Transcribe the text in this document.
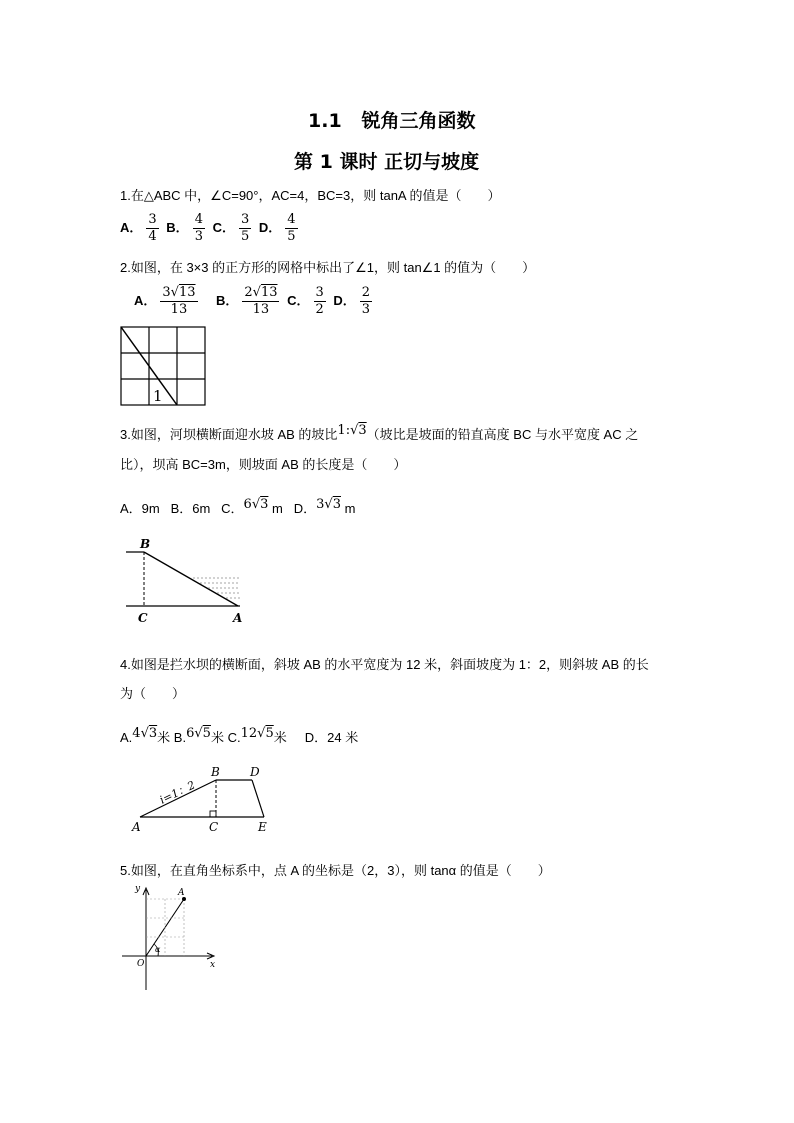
1.1 锐角三角函数
第 1 课时 正切与坡度
1.在△ABC 中，∠C=90°，AC=4，BC=3，则 tanA 的值是（　　）
A． $\frac{3}{4}$ B． $\frac{4}{3}$ C． $\frac{3}{5}$ D． $\frac{4}{5}$
2.如图，在 3×3 的正方形的网格中标出了∠1，则 tan∠1 的值为（　　）
A． $\frac{3√13}{13}$ B． $\frac{2√13}{13}$ C． $\frac{3}{2}$ D． $\frac{2}{3}$
1
3.如图，河坝横断面迎水坡 AB 的坡比1:√3（坡比是坡面的铅直高度 BC 与水平宽度 AC 之
比），坝高 BC=3m，则坡面 AB 的长度是（　　）
A．9m B．6m C．6√3 m D．3√3 m
B
C	A
4.如图是拦水坝的横断面，斜坡 AB 的水平宽度为 12 米，斜面坡度为 1：2，则斜坡 AB 的长
为（　　）
A.4√3米 B.6√5米 C.12√5米 D．24 米
i=1：2
A
B	D
C	E
5.如图，在直角坐标系中，点 A 的坐标是（2，3），则 tanα 的值是（　　）
y
x
O
A
α
